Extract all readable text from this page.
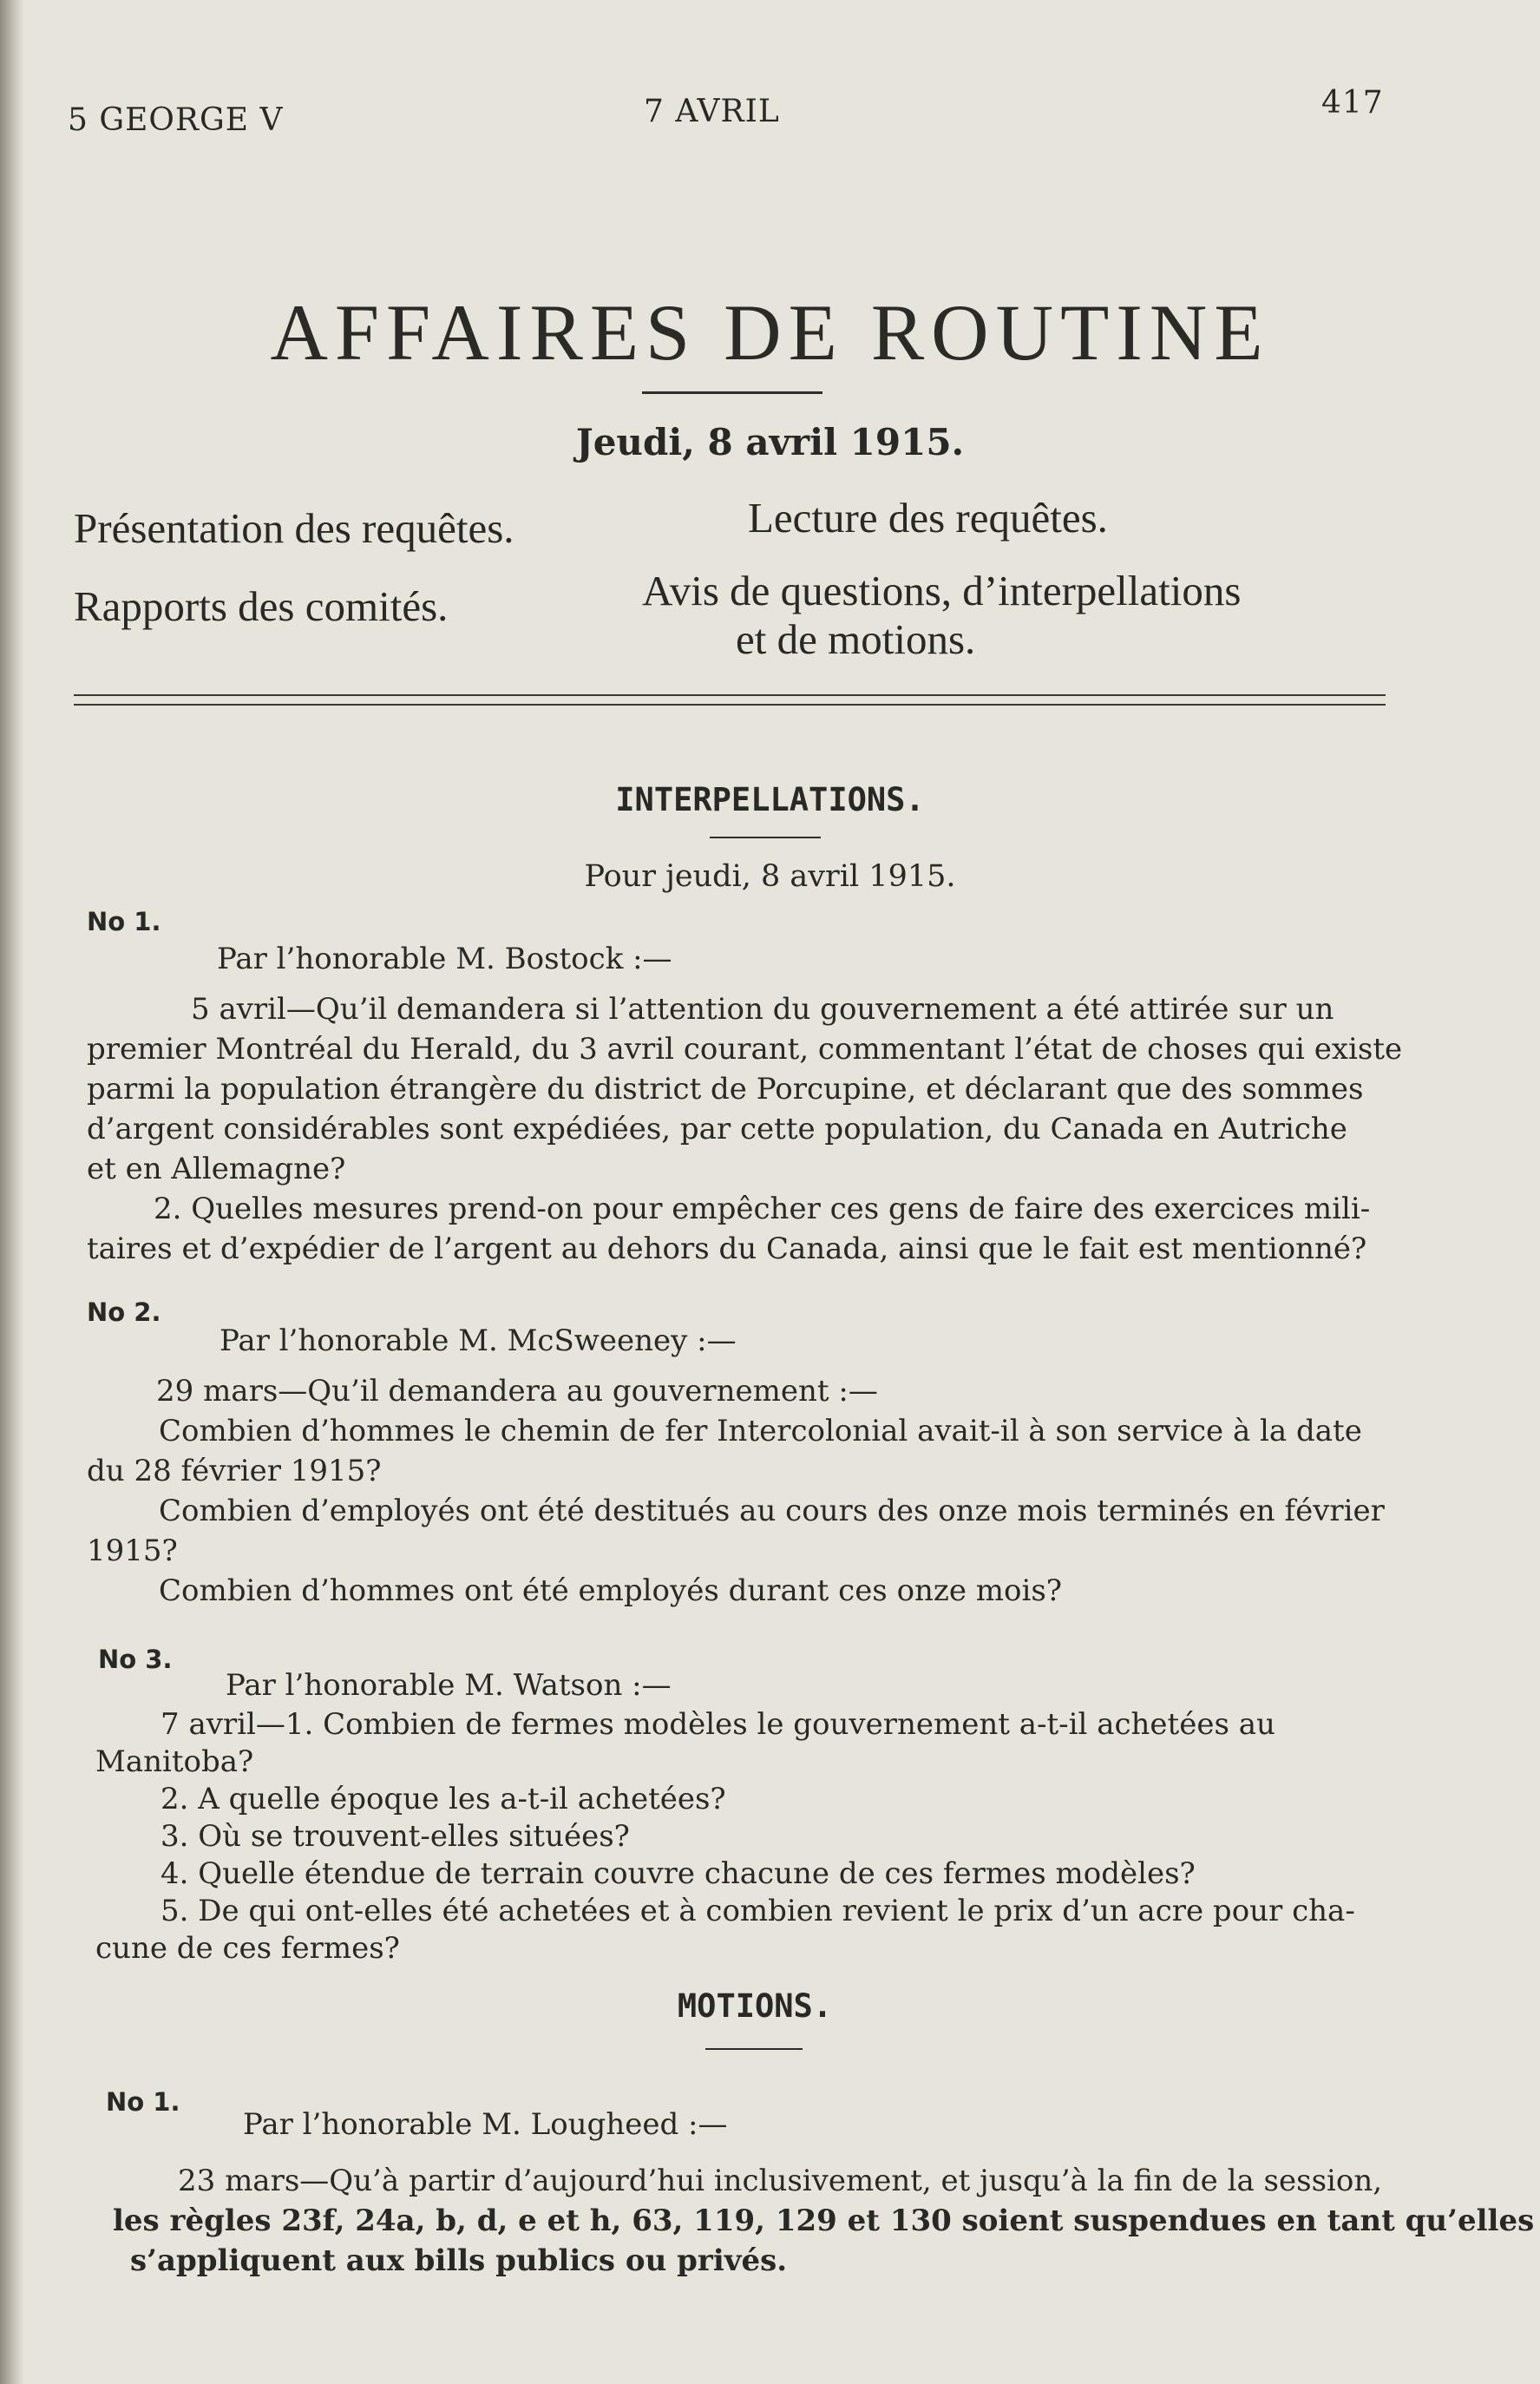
5 GEORGE V	7 AVRIL	417
AFFAIRES DE ROUTINE
Jeudi, 8 avril 1915.
Présentation des requêtes.	Lecture des requêtes.
Rapports des comités.	Avis de questions, d’interpellations
et de motions.
INTERPELLATIONS.
Pour jeudi, 8 avril 1915.
No 1.
Par l’honorable M. Bostock :—
5 avril—Qu’il demandera si l’attention du gouvernement a été attirée sur un
premier Montréal du Herald, du 3 avril courant, commentant l’état de choses qui existe
parmi la population étrangère du district de Porcupine, et déclarant que des sommes
d’argent considérables sont expédiées, par cette population, du Canada en Autriche
et en Allemagne?
2. Quelles mesures prend-on pour empêcher ces gens de faire des exercices mili-
taires et d’expédier de l’argent au dehors du Canada, ainsi que le fait est mentionné?
No 2.
Par l’honorable M. McSweeney :—
29 mars—Qu’il demandera au gouvernement :—
Combien d’hommes le chemin de fer Intercolonial avait-il à son service à la date
du 28 février 1915?
Combien d’employés ont été destitués au cours des onze mois terminés en février
1915?
Combien d’hommes ont été employés durant ces onze mois?
No 3.
Par l’honorable M. Watson :—
7 avril—1. Combien de fermes modèles le gouvernement a-t-il achetées au
Manitoba?
2. A quelle époque les a-t-il achetées?
3. Où se trouvent-elles situées?
4. Quelle étendue de terrain couvre chacune de ces fermes modèles?
5. De qui ont-elles été achetées et à combien revient le prix d’un acre pour cha-
cune de ces fermes?
MOTIONS.
No 1.
Par l’honorable M. Lougheed :—
23 mars—Qu’à partir d’aujourd’hui inclusivement, et jusqu’à la fin de la session,
les règles 23f, 24a, b, d, e et h, 63, 119, 129 et 130 soient suspendues en tant qu’elles
s’appliquent aux bills publics ou privés.
